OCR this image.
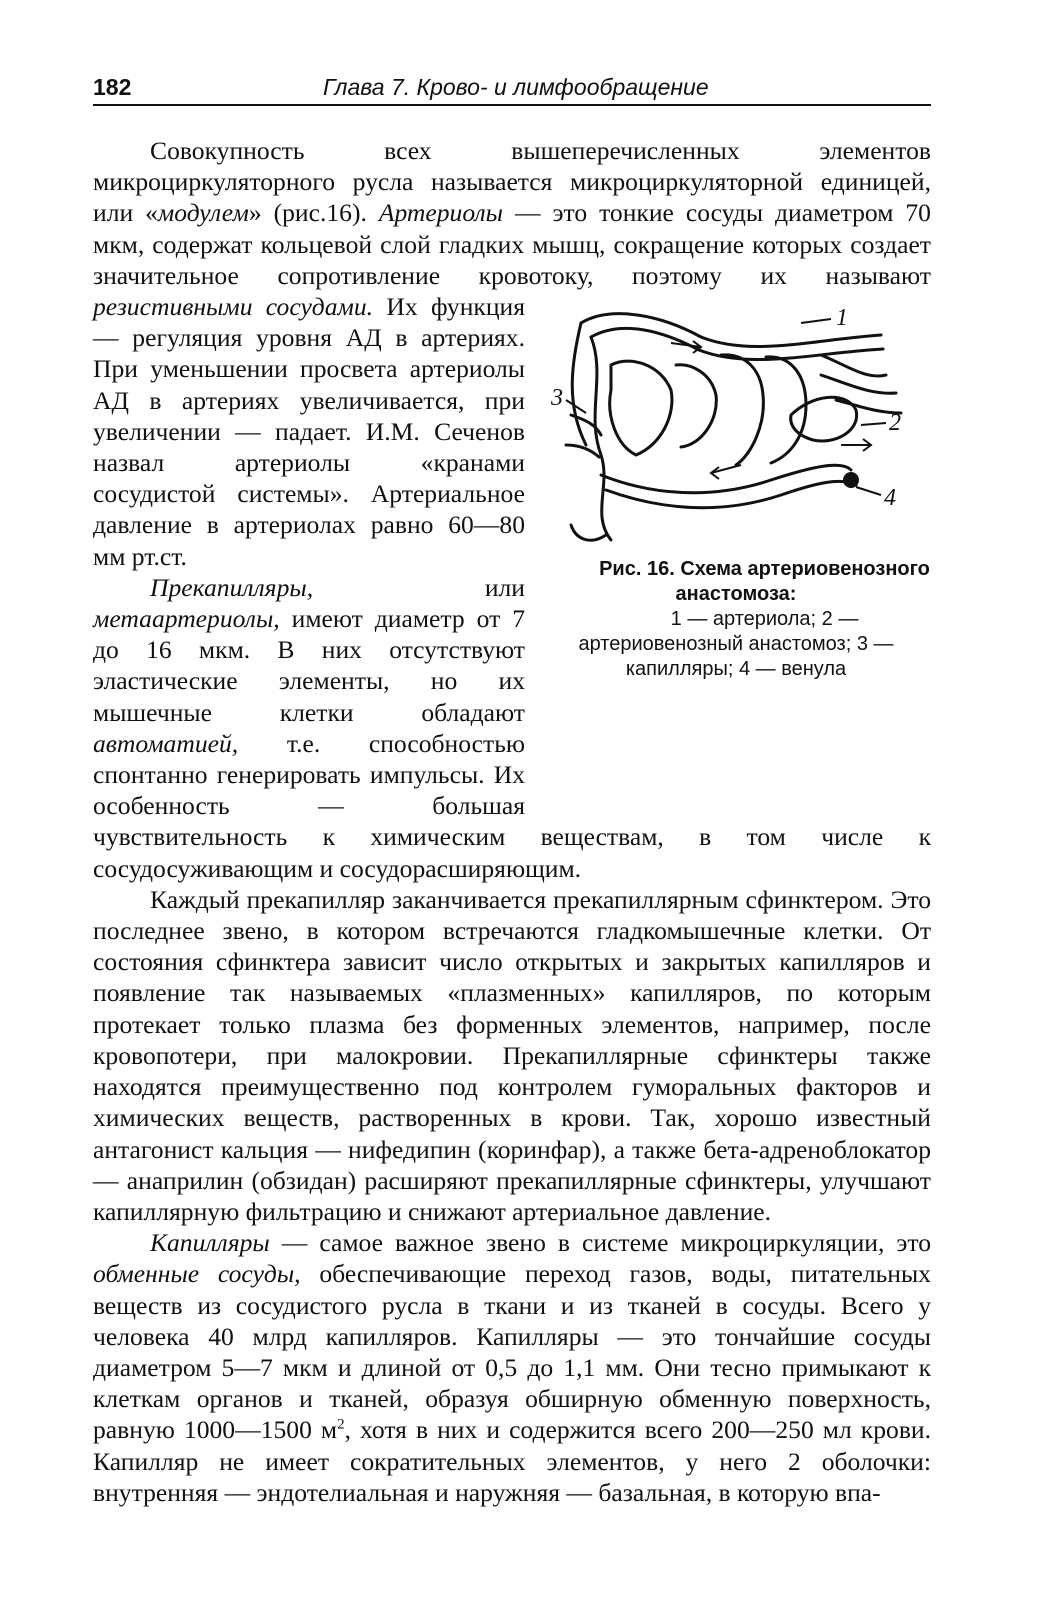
182	Глава 7. Крово- и лимфообращение

Совокупность всех вышеперечисленных элементов микроциркуляторного русла называется микроциркуляторной единицей, или «модулем» (рис.16). Артериолы — это тонкие сосуды диаметром 70 мкм, содержат кольцевой слой гладких мышц, сокращение которых создает значительное сопротивление кровотоку, поэтому их называют
1
2
3
4
Рис. 16. Схема артериовенозного анастомоза:
1 — артериола; 2 — артериовенозный анастомоз; 3 — капилляры; 4 — венула
резистивными сосудами. Их функция — регуляция уровня АД в артериях. При уменьшении просвета артериолы АД в артериях увеличивается, при увеличении — падает. И.М. Сеченов назвал артериолы «кранами сосудистой системы». Артериальное давление в артериолах равно 60—80 мм рт.ст.

Прекапилляры, или метаартериолы, имеют диаметр от 7 до 16 мкм. В них отсутствуют эластические элементы, но их мышечные клетки обладают автоматией, т.е. способностью спонтанно генерировать импульсы. Их особенность — большая чувствительность к химическим веществам, в том числе к сосудосуживающим и сосудорасширяющим.

Каждый прекапилляр заканчивается прекапиллярным сфинктером. Это последнее звено, в котором встречаются гладкомышечные клетки. От состояния сфинктера зависит число открытых и закрытых капилляров и появление так называемых «плазменных» капилляров, по которым протекает только плазма без форменных элементов, например, после кровопотери, при малокровии. Прекапиллярные сфинктеры также находятся преимущественно под контролем гуморальных факторов и химических веществ, растворенных в крови. Так, хорошо известный антагонист кальция — нифедипин (коринфар), а также бета-адреноблокатор — анаприлин (обзидан) расширяют прекапиллярные сфинктеры, улучшают капиллярную фильтрацию и снижают артериальное давление.

Капилляры — самое важное звено в системе микроциркуляции, это обменные сосуды, обеспечивающие переход газов, воды, питательных веществ из сосудистого русла в ткани и из тканей в сосуды. Всего у человека 40 млрд капилляров. Капилляры — это тончайшие сосуды диаметром 5—7 мкм и длиной от 0,5 до 1,1 мм. Они тесно примыкают к клеткам органов и тканей, образуя обширную обменную поверхность, равную 1000—1500 $м^2$, хотя в них и содержится всего 200—250 мл крови. Капилляр не имеет сократительных элементов, у него 2 оболочки: внутренняя — эндотелиальная и наружняя — базальная, в которую впа-
